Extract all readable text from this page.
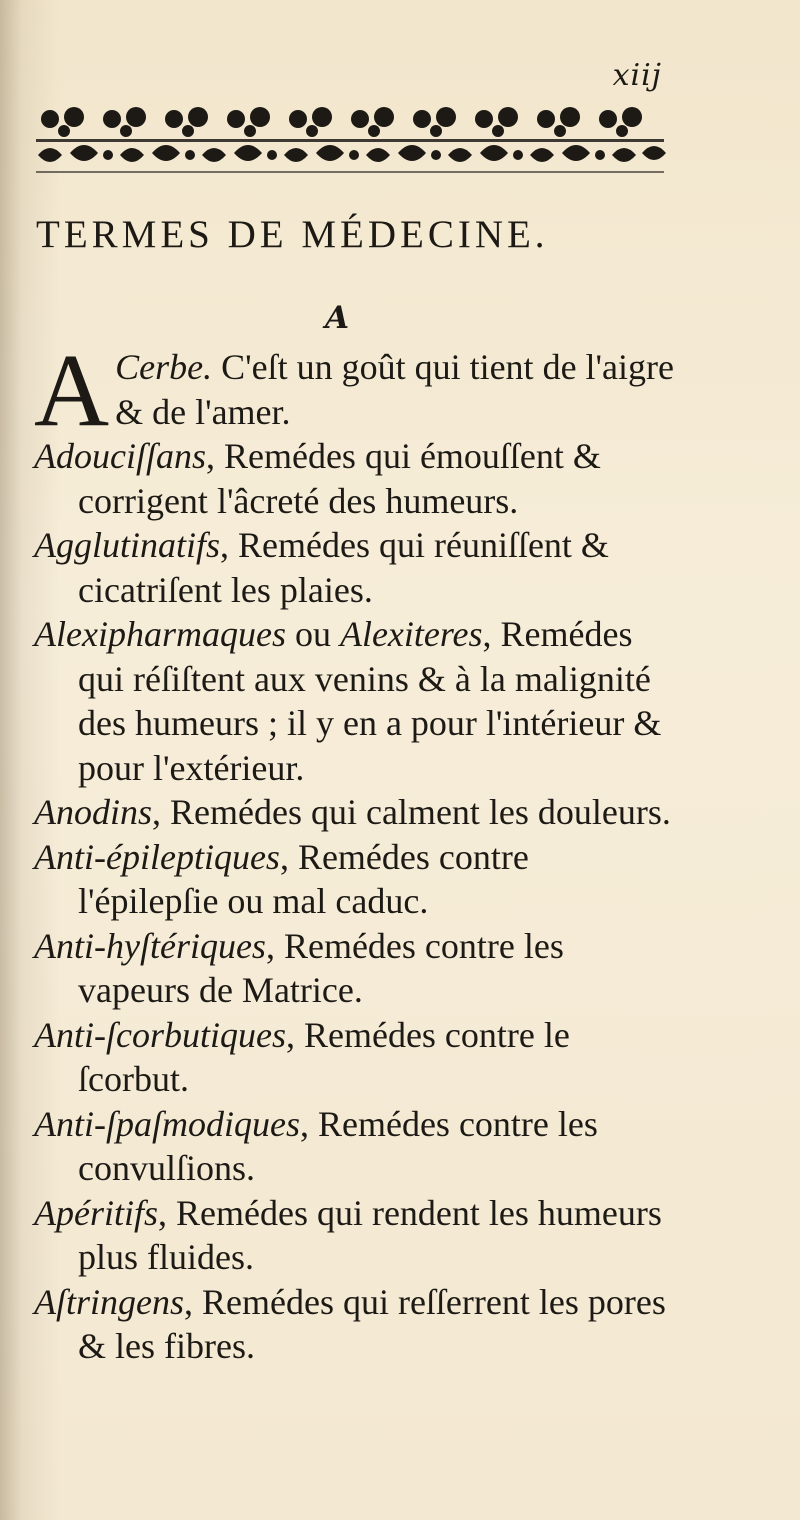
xiij
TERMES DE MÉDECINE.
A
A Cerbe. C'eſt un goût qui tient de l'aigre & de l'amer.
Adouciſſans, Remédes qui émouſſent & corrigent l'âcreté des humeurs.
Agglutinatifs, Remédes qui réuniſſent & cicatriſent les plaies.
Alexipharmaques ou Alexiteres, Remédes qui réſiſtent aux venins & à la malignité des humeurs ; il y en a pour l'intérieur & pour l'extérieur.
Anodins, Remédes qui calment les douleurs.
Anti-épileptiques, Remédes contre l'épilepſie ou mal caduc.
Anti-hyſtériques, Remédes contre les vapeurs de Matrice.
Anti-ſcorbutiques, Remédes contre le ſcorbut.
Anti-ſpaſmodiques, Remédes contre les convulſions.
Apéritifs, Remédes qui rendent les humeurs plus fluides.
Aſtringens, Remédes qui reſſerrent les pores & les fibres.
